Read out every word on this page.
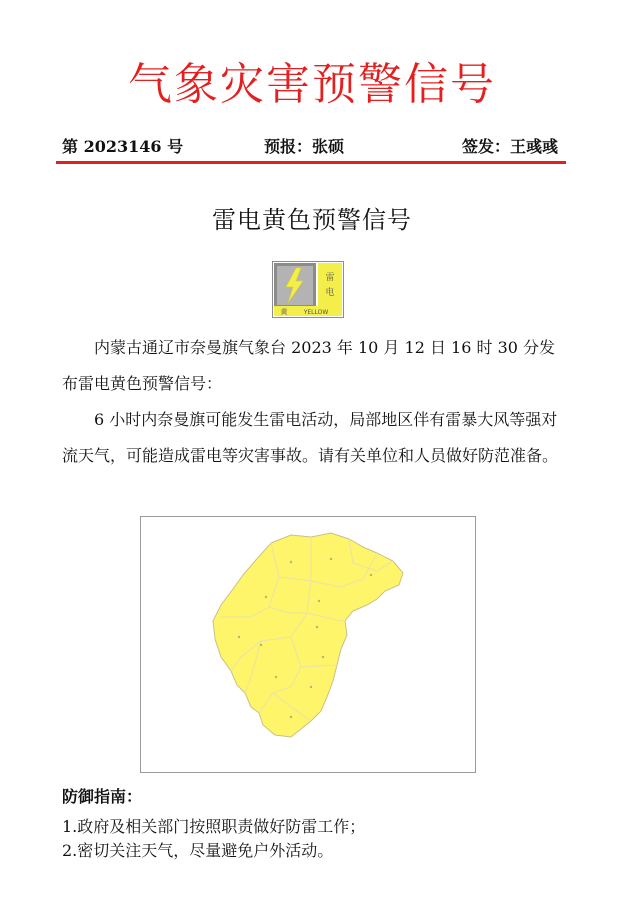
气象灾害预警信号
第 2023146 号	预报：张硕	签发：王彧彧
雷电黄色预警信号
雷
电
黄	YELLOW

内蒙古通辽市奈曼旗气象台 2023 年 10 月 12 日 16 时 30 分发布雷电黄色预警信号：

6 小时内奈曼旗可能发生雷电活动，局部地区伴有雷暴大风等强对流天气，可能造成雷电等灾害事故。请有关单位和人员做好防范准备。

防御指南：

1.政府及相关部门按照职责做好防雷工作；

2.密切关注天气，尽量避免户外活动。
